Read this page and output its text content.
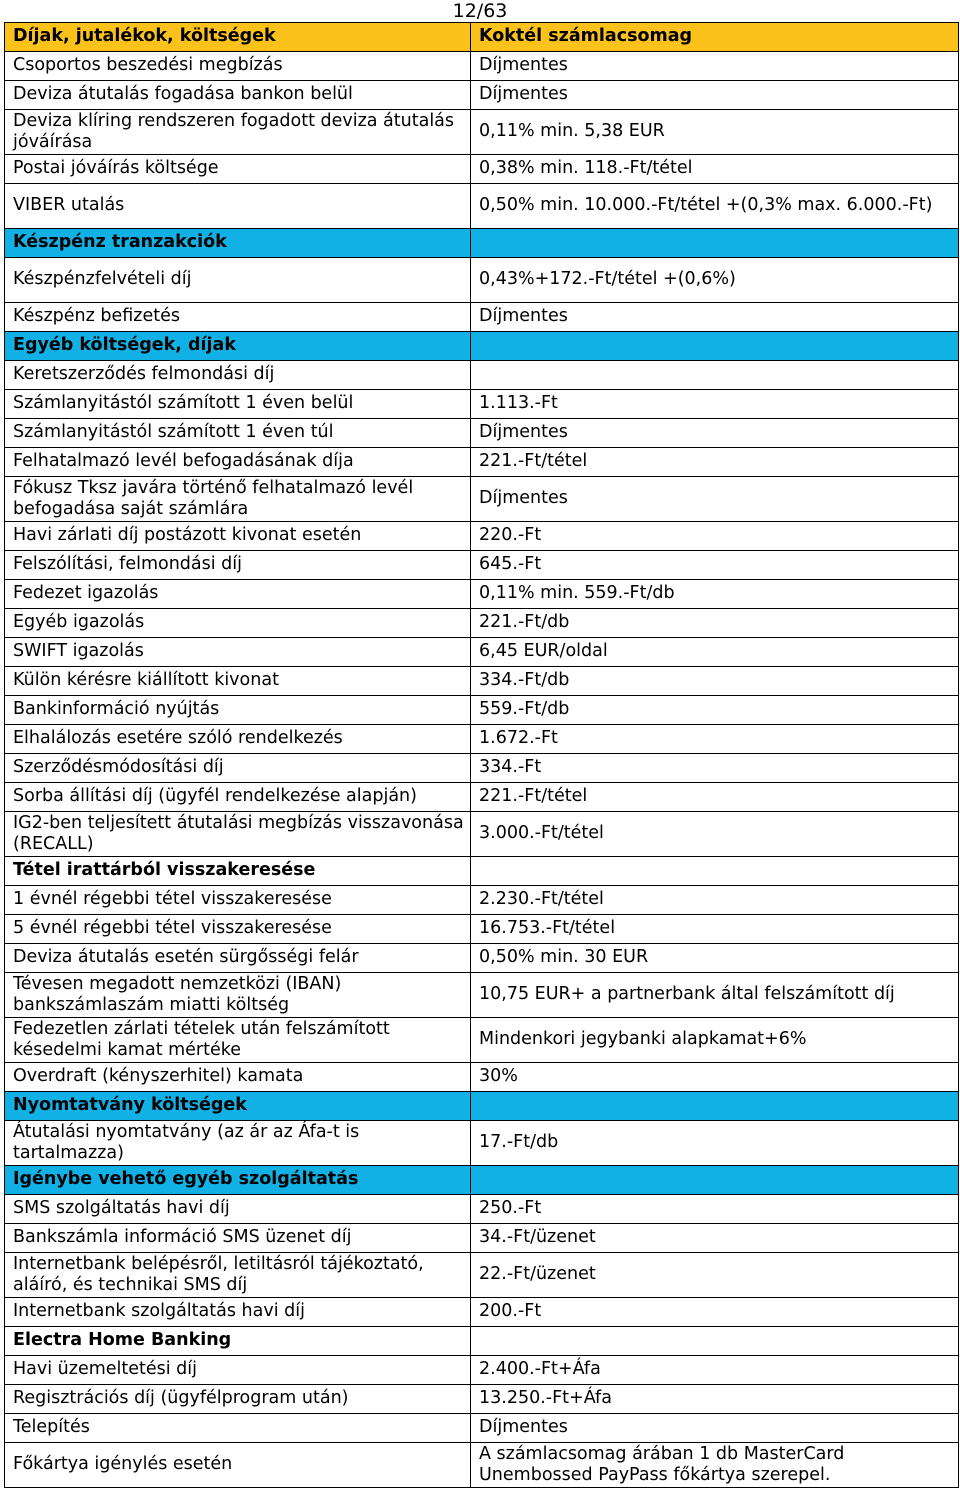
12/63
Díjak, jutalékok, költségek	Koktél számlacsomag
Csoportos beszedési megbízás	Díjmentes
Deviza átutalás fogadása bankon belül	Díjmentes
Deviza klíring rendszeren fogadott deviza átutalás jóváírása	0,11% min. 5,38 EUR
Postai jóváírás költsége	0,38% min. 118.-Ft/tétel
VIBER utalás	0,50% min. 10.000.-Ft/tétel +(0,3% max. 6.000.-Ft)
Készpénz tranzakciók	
Készpénzfelvételi díj	0,43%+172.-Ft/tétel +(0,6%)
Készpénz befizetés	Díjmentes
Egyéb költségek, díjak	
Keretszerződés felmondási díj	
Számlanyitástól számított 1 éven belül	1.113.-Ft
Számlanyitástól számított 1 éven túl	Díjmentes
Felhatalmazó levél befogadásának díja	221.-Ft/tétel
Fókusz Tksz javára történő felhatalmazó levél befogadása saját számlára	Díjmentes
Havi zárlati díj postázott kivonat esetén	220.-Ft
Felszólítási, felmondási díj	645.-Ft
Fedezet igazolás	0,11% min. 559.-Ft/db
Egyéb igazolás	221.-Ft/db
SWIFT igazolás	6,45 EUR/oldal
Külön kérésre kiállított kivonat	334.-Ft/db
Bankinformáció nyújtás	559.-Ft/db
Elhalálozás esetére szóló rendelkezés	1.672.-Ft
Szerződésmódosítási díj	334.-Ft
Sorba állítási díj (ügyfél rendelkezése alapján)	221.-Ft/tétel
IG2-ben teljesített átutalási megbízás visszavonása (RECALL)	3.000.-Ft/tétel
Tétel irattárból visszakeresése	
1 évnél régebbi tétel visszakeresése	2.230.-Ft/tétel
5 évnél régebbi tétel visszakeresése	16.753.-Ft/tétel
Deviza átutalás esetén sürgősségi felár	0,50% min. 30 EUR
Tévesen megadott nemzetközi (IBAN) bankszámlaszám miatti költség	10,75 EUR+ a partnerbank által felszámított díj
Fedezetlen zárlati tételek után felszámított késedelmi kamat mértéke	Mindenkori jegybanki alapkamat+6%
Overdraft (kényszerhitel) kamata	30%
Nyomtatvány költségek	
Átutalási nyomtatvány (az ár az Áfa-t is tartalmazza)	17.-Ft/db
Igénybe vehető egyéb szolgáltatás	
SMS szolgáltatás havi díj	250.-Ft
Bankszámla információ SMS üzenet díj	34.-Ft/üzenet
Internetbank belépésről, letiltásról tájékoztató, aláíró, és technikai SMS díj	22.-Ft/üzenet
Internetbank szolgáltatás havi díj	200.-Ft
Electra Home Banking	
Havi üzemeltetési díj	2.400.-Ft+Áfa
Regisztrációs díj (ügyfélprogram után)	13.250.-Ft+Áfa
Telepítés	Díjmentes
Főkártya igénylés esetén	A számlacsomag árában 1 db MasterCard Unembossed PayPass főkártya szerepel.
